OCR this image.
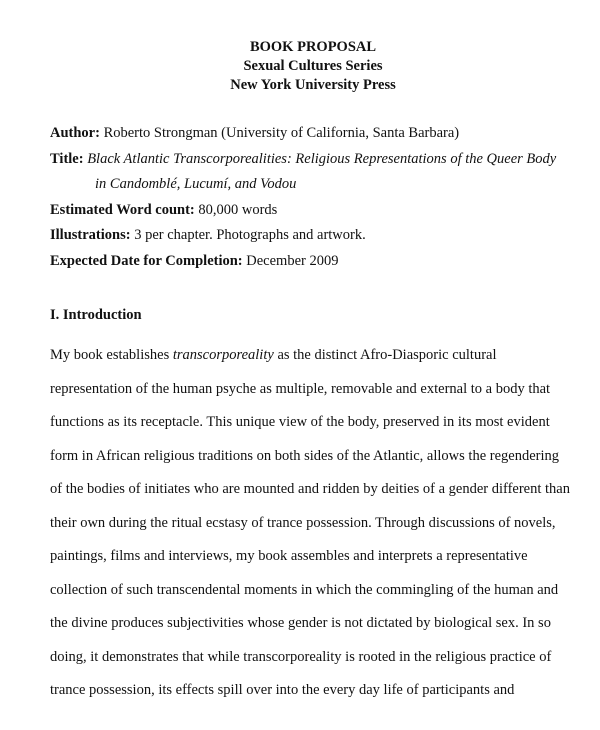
BOOK PROPOSAL
Sexual Cultures Series
New York University Press
Author: Roberto Strongman (University of California, Santa Barbara)
Title: Black Atlantic Transcorporealities: Religious Representations of the Queer Body
in Candomblé, Lucumí, and Vodou
Estimated Word count: 80,000 words
Illustrations: 3 per chapter. Photographs and artwork.
Expected Date for Completion: December 2009
I. Introduction
My book establishes transcorporeality as the distinct Afro-Diasporic cultural
representation of the human psyche as multiple, removable and external to a body that
functions as its receptacle. This unique view of the body, preserved in its most evident
form in African religious traditions on both sides of the Atlantic, allows the regendering
of the bodies of initiates who are mounted and ridden by deities of a gender different than
their own during the ritual ecstasy of trance possession. Through discussions of novels,
paintings, films and interviews, my book assembles and interprets a representative
collection of such transcendental moments in which the commingling of the human and
the divine produces subjectivities whose gender is not dictated by biological sex. In so
doing, it demonstrates that while transcorporeality is rooted in the religious practice of
trance possession, its effects spill over into the every day life of participants and
